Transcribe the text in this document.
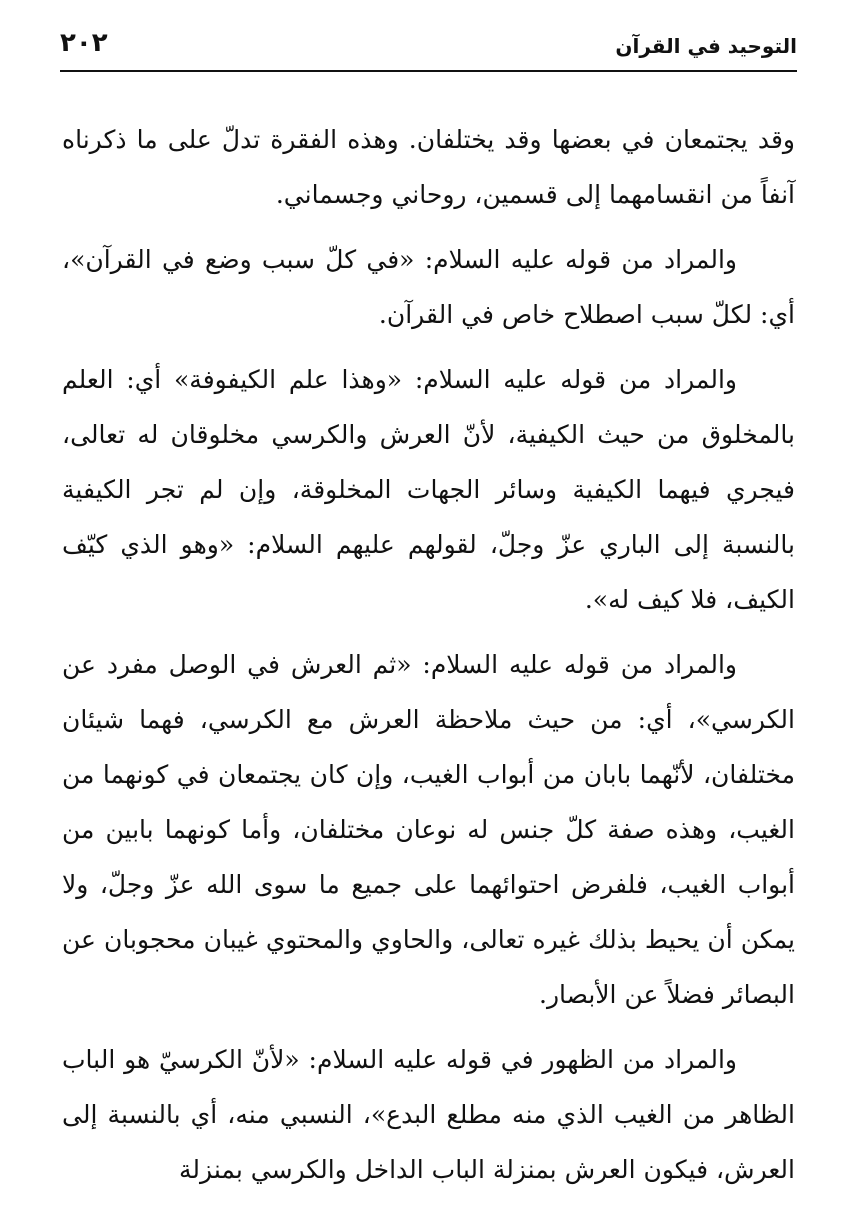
التوحيد في القرآن
٢٠٢

وقد يجتمعان في بعضها وقد يختلفان. وهذه الفقرة تدلّ على ما ذكرناه آنفاً من انقسامهما إلى قسمين، روحاني وجسماني.

والمراد من قوله عليه السلام: «في كلّ سبب وضع في القرآن»، أي: لكلّ سبب اصطلاح خاص في القرآن.

والمراد من قوله عليه السلام: «وهذا علم الكيفوفة» أي: العلم بالمخلوق من حيث الكيفية، لأنّ العرش والكرسي مخلوقان له تعالى، فيجري فيهما الكيفية وسائر الجهات المخلوقة، وإن لم تجر الكيفية بالنسبة إلى الباري عزّ وجلّ، لقولهم عليهم السلام: «وهو الذي كيّف الكيف، فلا كيف له».

والمراد من قوله عليه السلام: «ثم العرش في الوصل مفرد عن الكرسي»، أي: من حيث ملاحظة العرش مع الكرسي، فهما شيئان مختلفان، لأنّهما بابان من أبواب الغيب، وإن كان يجتمعان في كونهما من الغيب، وهذه صفة كلّ جنس له نوعان مختلفان، وأما كونهما بابين من أبواب الغيب، فلفرض احتوائهما على جميع ما سوى الله عزّ وجلّ، ولا يمكن أن يحيط بذلك غيره تعالى، والحاوي والمحتوي غيبان محجوبان عن البصائر فضلاً عن الأبصار.

والمراد من الظهور في قوله عليه السلام: «لأنّ الكرسيّ هو الباب الظاهر من الغيب الذي منه مطلع البدع»، النسبي منه، أي بالنسبة إلى العرش، فيكون العرش بمنزلة الباب الداخل والكرسي بمنزلة
